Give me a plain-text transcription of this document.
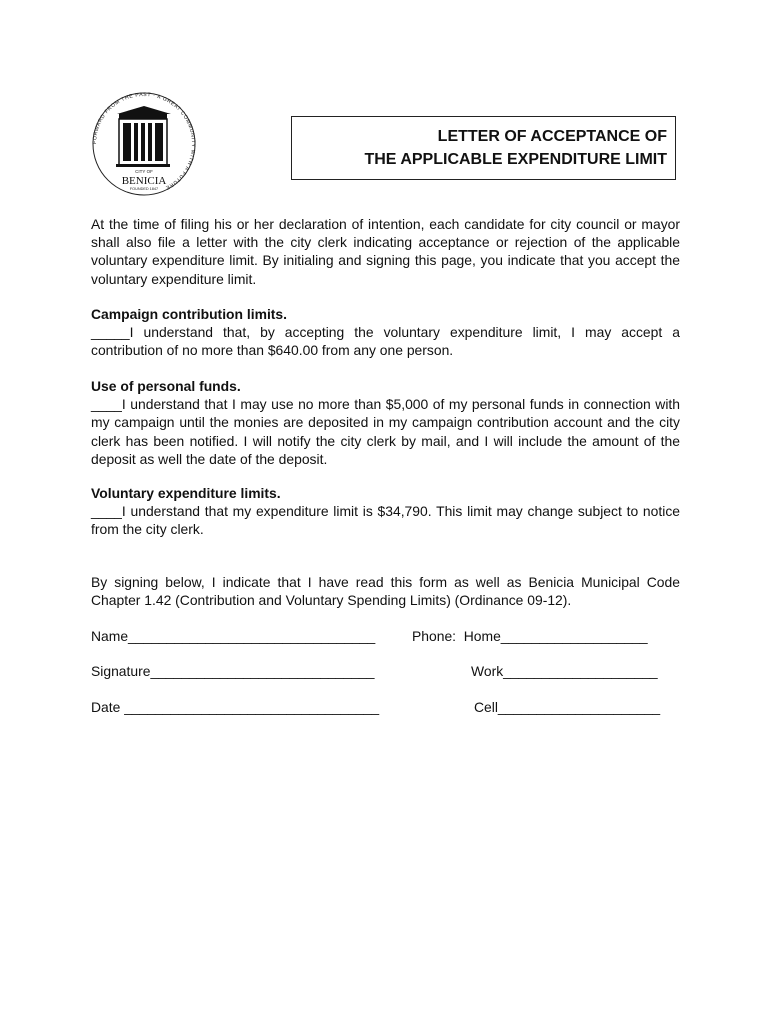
FORWARD FROM THE PAST · A GREAT COMMUNITY WITH A FUTURE
CITY OF
BENICIA
FOUNDED 1847
LETTER OF ACCEPTANCE OF
THE APPLICABLE EXPENDITURE LIMIT
At the time of filing his or her declaration of intention, each candidate for city council or mayor shall also file a letter with the city clerk indicating acceptance or rejection of the applicable voluntary expenditure limit. By initialing and signing this page, you indicate that you accept the voluntary expenditure limit.
Campaign contribution limits.
_____I understand that, by accepting the voluntary expenditure limit, I may accept a contribution of no more than $640.00 from any one person.
Use of personal funds.
____I understand that I may use no more than $5,000 of my personal funds in connection with my campaign until the monies are deposited in my campaign contribution account and the city clerk has been notified. I will notify the city clerk by mail, and I will include the amount of the deposit as well the date of the deposit.
Voluntary expenditure limits.
____I understand that my expenditure limit is $34,790. This limit may change subject to notice from the city clerk.
By signing below, I indicate that I have read this form as well as Benicia Municipal Code Chapter 1.42 (Contribution and Voluntary Spending Limits) (Ordinance 09-12).
Name________________________________	Phone:  Home___________________
Signature_____________________________	Work____________________
Date _________________________________	Cell_____________________
